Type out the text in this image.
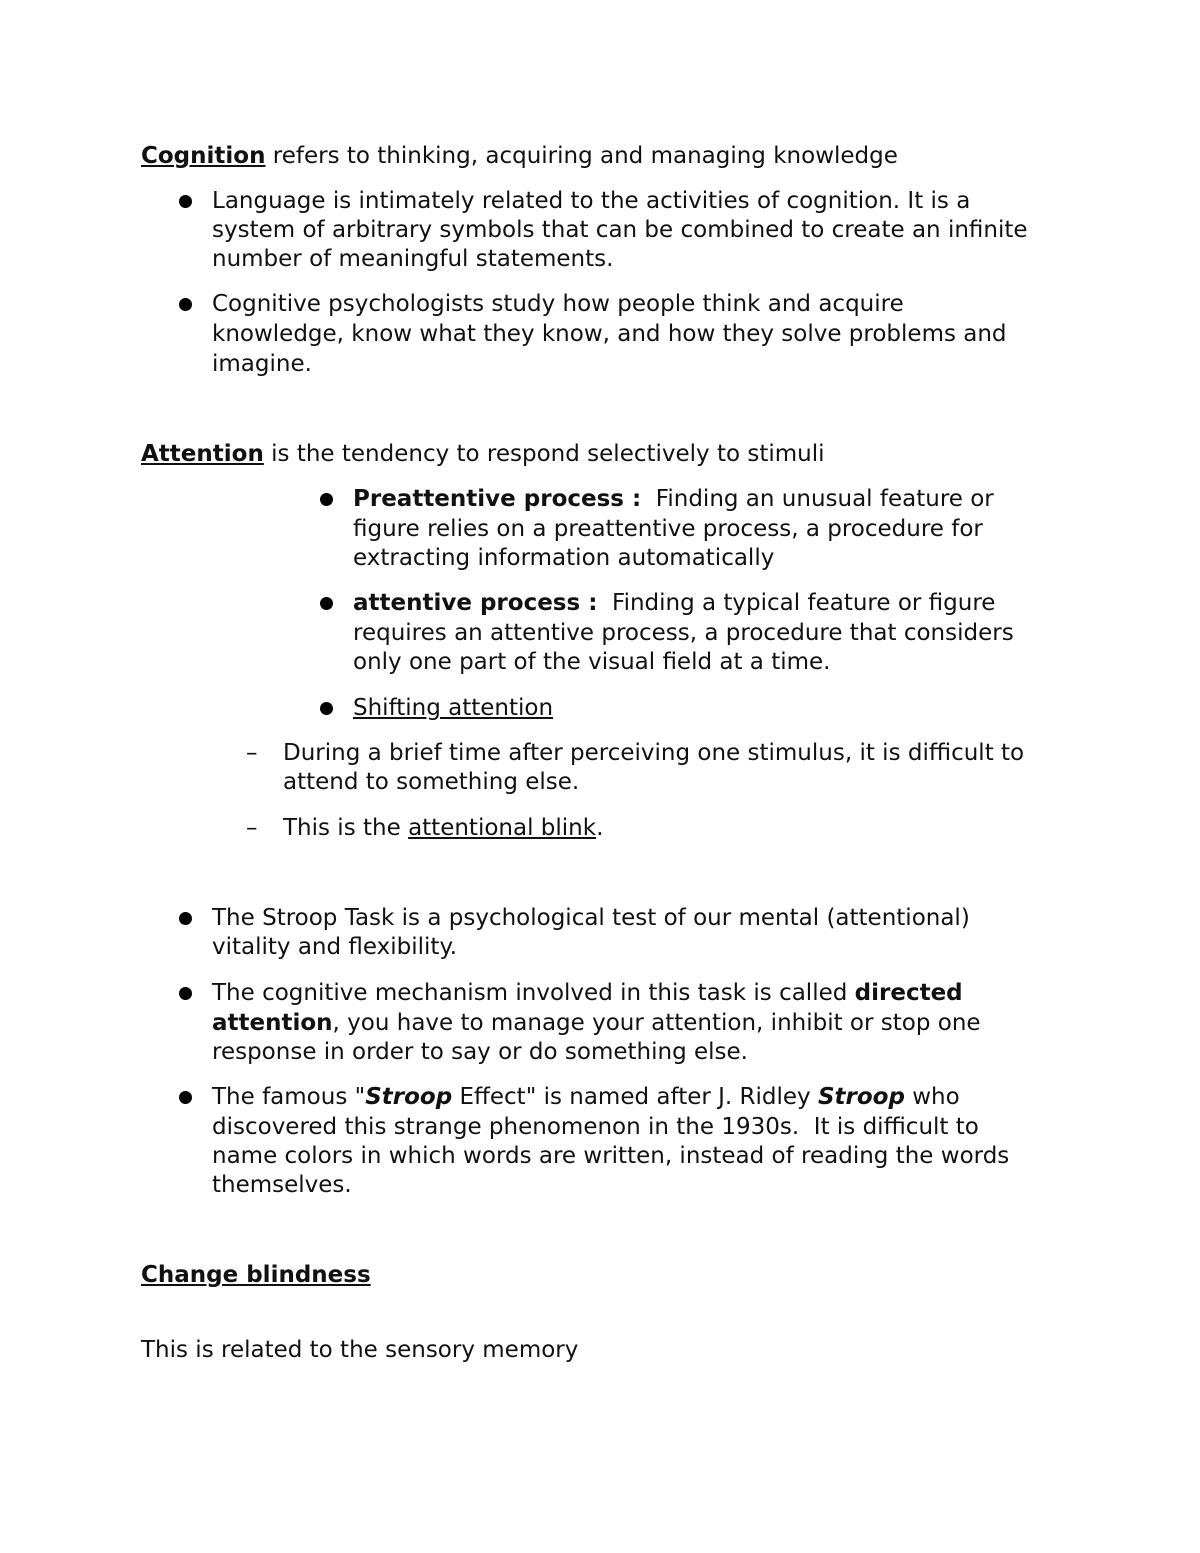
Cognition refers to thinking, acquiring and managing knowledge

Language is intimately related to the activities of cognition. It is a

system of arbitrary symbols that can be combined to create an infinite

number of meaningful statements.

Cognitive psychologists study how people think and acquire

knowledge, know what they know, and how they solve problems and

imagine.

Attention is the tendency to respond selectively to stimuli

Preattentive process :  Finding an unusual feature or

figure relies on a preattentive process, a procedure for

extracting information automatically

attentive process :  Finding a typical feature or figure

requires an attentive process, a procedure that considers

only one part of the visual field at a time.

Shifting attention

– During a brief time after perceiving one stimulus, it is difficult to

attend to something else.

– This is the attentional blink.

The Stroop Task is a psychological test of our mental (attentional)

vitality and flexibility.

The cognitive mechanism involved in this task is called directed

attention, you have to manage your attention, inhibit or stop one

response in order to say or do something else.

The famous "Stroop Effect" is named after J. Ridley Stroop who

discovered this strange phenomenon in the 1930s.  It is difficult to

name colors in which words are written, instead of reading the words

themselves.

Change blindness

This is related to the sensory memory
